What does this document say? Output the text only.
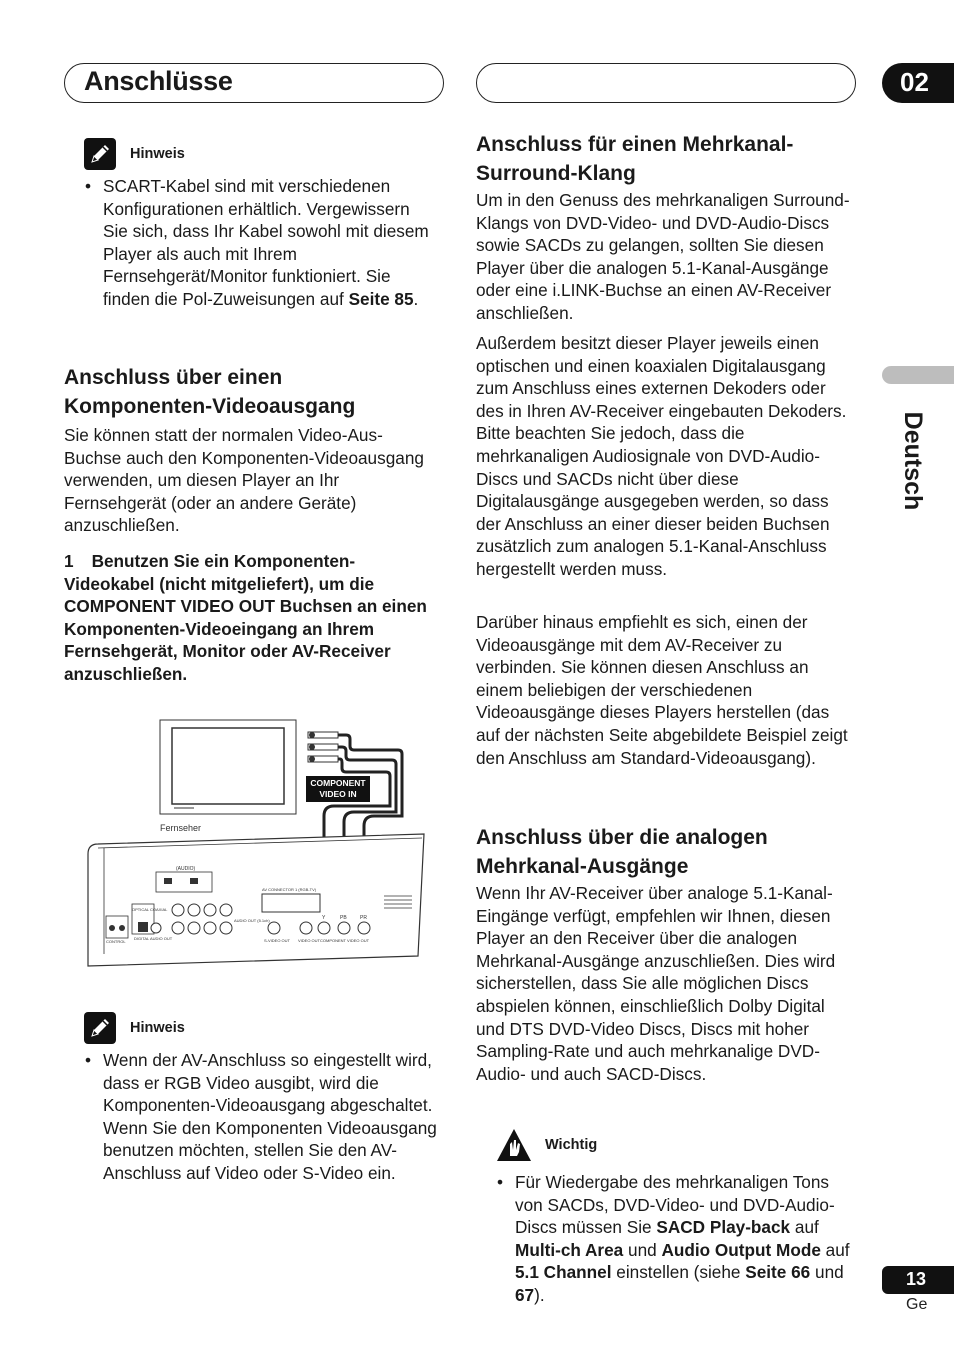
Anschlüsse	02
Deutsch
Hinweis
• SCART-Kabel sind mit verschiedenen Konfigurationen erhältlich. Vergewissern Sie sich, dass Ihr Kabel sowohl mit diesem Player als auch mit Ihrem Fernsehgerät/Monitor funktioniert. Sie finden die Pol-Zuweisungen auf Seite 85.
Anschluss über einen Komponenten-Videoausgang
Sie können statt der normalen Video-Aus-Buchse auch den Komponenten-Videoausgang verwenden, um diesen Player an Ihr Fernsehgerät (oder an andere Geräte) anzuschließen.
1 Benutzen Sie ein Komponenten-Videokabel (nicht mitgeliefert), um die COMPONENT VIDEO OUT Buchsen an einen Komponenten-Videoeingang an Ihrem Fernsehgerät, Monitor oder AV-Receiver anzuschließen.
COMPONENT
VIDEO IN
Fernseher
(AUDIO)
OPTICAL COAXIAL
CONTROL
DIGITAL AUDIO OUT
AUDIO OUT (5.1ch)
AV CONNECTOR 1 (RGB-TV)
S-VIDEO OUT VIDEO OUT
Y	PB	PR
COMPONENT VIDEO OUT
Hinweis
• Wenn der AV-Anschluss so eingestellt wird, dass er RGB Video ausgibt, wird die Komponenten-Videoausgang abgeschaltet. Wenn Sie den Komponenten Videoausgang benutzen möchten, stellen Sie den AV-Anschluss auf Video oder S-Video ein.
Anschluss für einen Mehrkanal-Surround-Klang
Um in den Genuss des mehrkanaligen Surround-Klangs von DVD-Video- und DVD-Audio-Discs sowie SACDs zu gelangen, sollten Sie diesen Player über die analogen 5.1-Kanal-Ausgänge oder eine i.LINK-Buchse an einen AV-Receiver anschließen.
Außerdem besitzt dieser Player jeweils einen optischen und einen koaxialen Digitalausgang zum Anschluss eines externen Dekoders oder des in Ihren AV-Receiver eingebauten Dekoders. Bitte beachten Sie jedoch, dass die mehrkanaligen Audiosignale von DVD-Audio-Discs und SACDs nicht über diese Digitalausgänge ausgegeben werden, so dass der Anschluss an einer dieser beiden Buchsen zusätzlich zum analogen 5.1-Kanal-Anschluss hergestellt werden muss.
Darüber hinaus empfiehlt es sich, einen der Videoausgänge mit dem AV-Receiver zu verbinden. Sie können diesen Anschluss an einem beliebigen der verschiedenen Videoausgänge dieses Players herstellen (das auf der nächsten Seite abgebildete Beispiel zeigt den Anschluss am Standard-Videoausgang).
Anschluss über die analogen Mehrkanal-Ausgänge
Wenn Ihr AV-Receiver über analoge 5.1-Kanal-Eingänge verfügt, empfehlen wir Ihnen, diesen Player an den Receiver über die analogen Mehrkanal-Ausgänge anzuschließen. Dies wird sicherstellen, dass Sie alle möglichen Discs abspielen können, einschließlich Dolby Digital und DTS DVD-Video Discs, Discs mit hoher Sampling-Rate und auch mehrkanalige DVD-Audio- und auch SACD-Discs.
Wichtig
• Für Wiedergabe des mehrkanaligen Tons von SACDs, DVD-Video- und DVD-Audio-Discs müssen Sie SACD Play-back auf Multi-ch Area und Audio Output Mode auf 5.1 Channel einstellen (siehe Seite 66 und 67).
13
Ge
